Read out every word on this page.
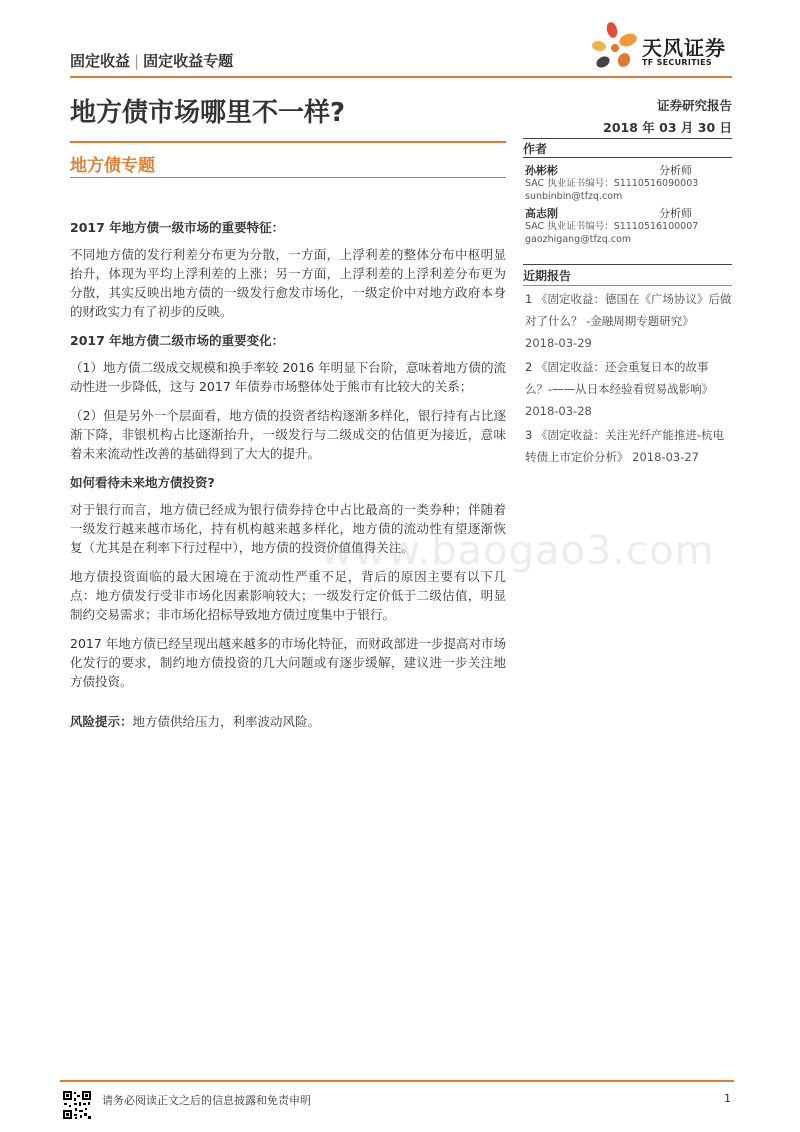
固定收益 | 固定收益专题
天风证券
TF SECURITIES
地方债市场哪里不一样?
地方债专题
www.baogao3.com
2017 年地方债一级市场的重要特征：

不同地方债的发行利差分布更为分散，一方面，上浮利差的整体分布中枢明显抬升，体现为平均上浮利差的上涨；另一方面，上浮利差的上浮利差分布更为分散，其实反映出地方债的一级发行愈发市场化，一级定价中对地方政府本身的财政实力有了初步的反映。

2017 年地方债二级市场的重要变化：

（1）地方债二级成交规模和换手率较 2016 年明显下台阶，意味着地方债的流动性进一步降低，这与 2017 年债券市场整体处于熊市有比较大的关系；

（2）但是另外一个层面看，地方债的投资者结构逐渐多样化，银行持有占比逐渐下降，非银机构占比逐渐抬升，一级发行与二级成交的估值更为接近，意味着未来流动性改善的基础得到了大大的提升。

如何看待未来地方债投资?

对于银行而言，地方债已经成为银行债券持仓中占比最高的一类券种；伴随着一级发行越来越市场化，持有机构越来越多样化，地方债的流动性有望逐渐恢复（尤其是在利率下行过程中），地方债的投资价值值得关注。

地方债投资面临的最大困境在于流动性严重不足，背后的原因主要有以下几点：地方债发行受非市场化因素影响较大；一级发行定价低于二级估值，明显制约交易需求；非市场化招标导致地方债过度集中于银行。

2017 年地方债已经呈现出越来越多的市场化特征，而财政部进一步提高对市场化发行的要求，制约地方债投资的几大问题或有逐步缓解，建议进一步关注地方债投资。

风险提示：地方债供给压力，利率波动风险。
证券研究报告
2018 年 03 月 30 日
作者
孙彬彬	分析师
SAC 执业证书编号：S1110516090003
sunbinbin@tfzq.com
高志刚	分析师
SAC 执业证书编号：S1110516100007
gaozhigang@tfzq.com
近期报告
1 《固定收益：德国在《广场协议》后做对了什么？ -金融周期专题研究》
2018-03-29
2 《固定收益：还会重复日本的故事么？-——从日本经验看贸易战影响》
2018-03-28
3 《固定收益：关注光纤产能推进-杭电转债上市定价分析》 2018-03-27
请务必阅读正文之后的信息披露和免责申明	1
